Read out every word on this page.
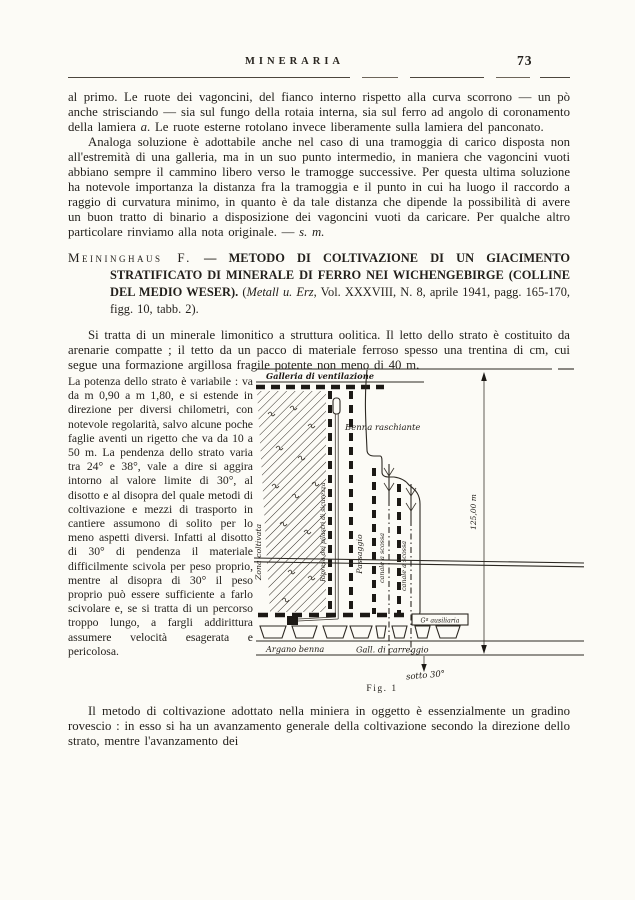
MINERARIA	73

al primo. Le ruote dei vagoncini, del fianco interno rispetto alla curva scorrono — un pò anche strisciando — sia sul fungo della rotaia interna, sia sul ferro ad angolo di coronamento della lamiera a. Le ruote esterne rotolano invece liberamente sulla lamiera del panconato.

Analoga soluzione è adottabile anche nel caso di una tramoggia di carico disposta non all'estremità di una galleria, ma in un suo punto intermedio, in maniera che vagoncini vuoti abbiano sempre il cammino libero verso le tramogge successive. Per questa ultima soluzione ha notevole importanza la distanza fra la tramoggia e il punto in cui ha luogo il raccordo a raggio di curvatura minimo, in quanto è da tale distanza che dipende la possibilità di avere un buon tratto di binario a disposizione dei vagoncini vuoti da caricare. Per qualche altro particolare rinviamo alla nota originale. — s. m.

Meininghaus F. — METODO DI COLTIVAZIONE DI UN GIACIMENTO STRATIFICATO DI MINERALE DI FERRO NEI WICHENGEBIRGE (COLLINE DEL MEDIO WESER). (Metall u. Erz, Vol. XXXVIII, N. 8, aprile 1941, pagg. 165-170, figg. 10, tabb. 2).

Si tratta di un minerale limonitico a struttura oolitica. Il letto dello strato è costituito da arenarie compatte ; il tetto da un pacco di materiale ferroso spesso una trentina di cm, cui segue una formazione argillosa fragile potente non meno di 40 m.

La potenza dello strato è variabile : va da m 0,90 a m 1,80, e si estende in direzione per diversi chilometri, con notevole regolarità, salvo alcune poche faglie aventi un rigetto che va da 10 a 50 m. La pendenza dello strato varia tra 24° e 38°, vale a dire si aggira intorno al valore limite di 30°, al disotto e al disopra del quale metodi di coltivazione e mezzi di trasporto in cantiere assumono di solito per lo meno aspetti diversi. Infatti al disotto di 30° di pendenza il materiale difficilmente scivola per peso proprio, mentre al disopra di 30° il peso proprio può essere sufficiente a farlo scivolare e, se si tratta di un percorso troppo lungo, a fargli addirittura assumere velocità esagerata e pericolosa.
Galleria di ventilazione
Zona coltivata	Ripresa dei pilastri di sicurezza	Passaggio
Benna raschiante
canale a scossa canale a scossa
125,00 m
Gª ausiliaria
Argano benna	Gall. di carreggio
sotto 30°
Fig. 1

Il metodo di coltivazione adottato nella miniera in oggetto è essenzialmente un gradino rovescio : in esso si ha un avanzamento generale della coltivazione secondo la direzione dello strato, mentre l'avanzamento dei
